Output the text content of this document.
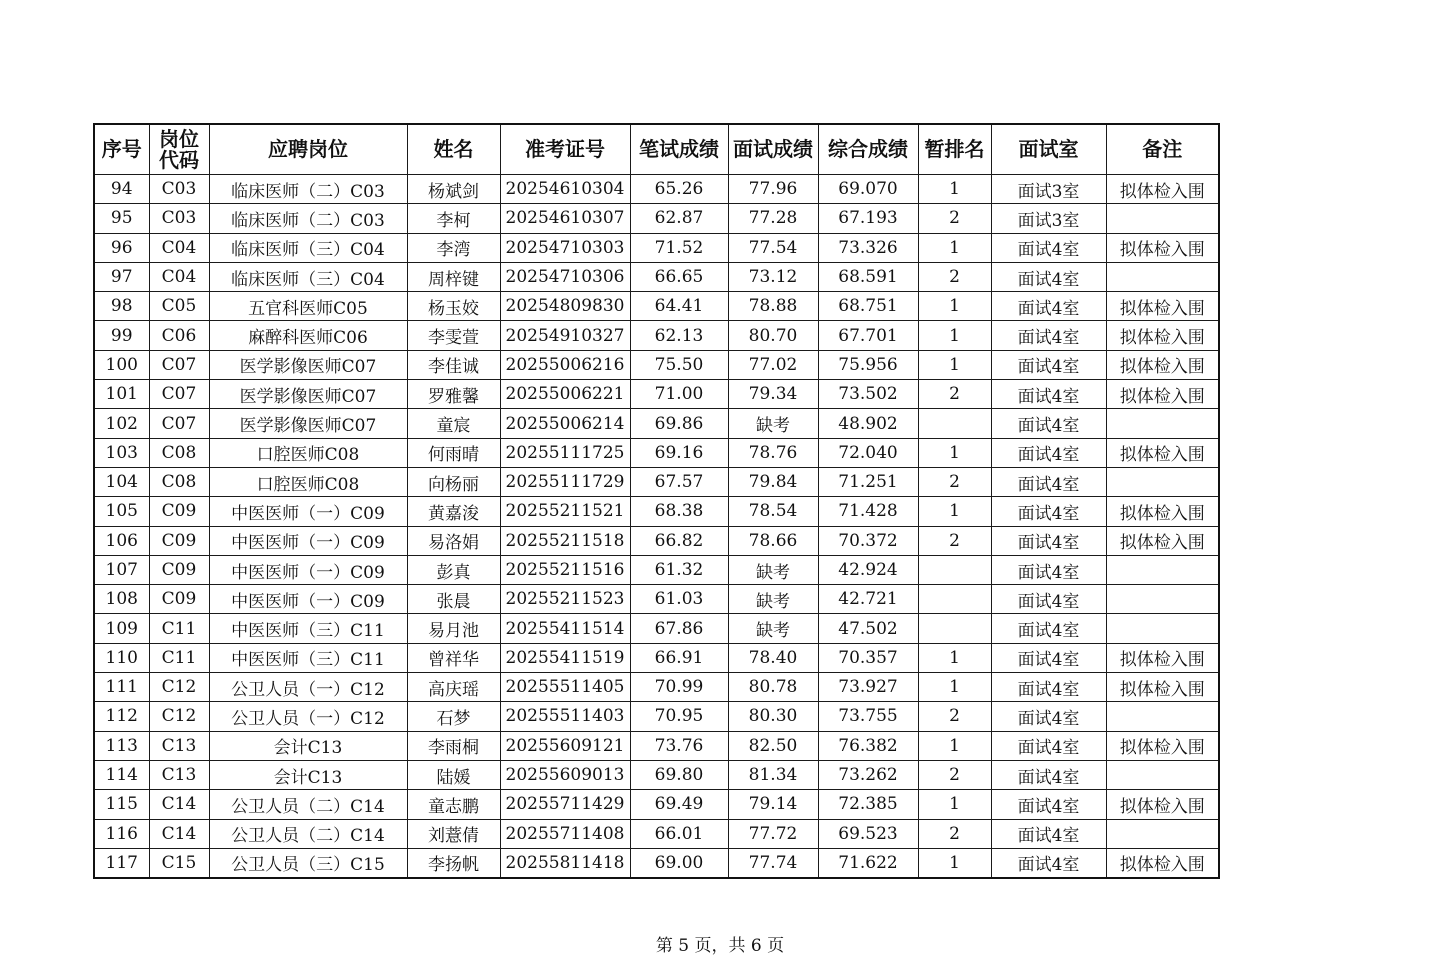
序号	岗位代码	应聘岗位	姓名	准考证号	笔试成绩	面试成绩	综合成绩	暂排名	面试室	备注
94	C03	临床医师（二）C03	杨斌剑	20254610304	65.26	77.96	69.070	1	面试3室	拟体检入围
95	C03	临床医师（二）C03	李柯	20254610307	62.87	77.28	67.193	2	面试3室	
96	C04	临床医师（三）C04	李湾	20254710303	71.52	77.54	73.326	1	面试4室	拟体检入围
97	C04	临床医师（三）C04	周梓键	20254710306	66.65	73.12	68.591	2	面试4室	
98	C05	五官科医师C05	杨玉姣	20254809830	64.41	78.88	68.751	1	面试4室	拟体检入围
99	C06	麻醉科医师C06	李雯萱	20254910327	62.13	80.70	67.701	1	面试4室	拟体检入围
100	C07	医学影像医师C07	李佳诚	20255006216	75.50	77.02	75.956	1	面试4室	拟体检入围
101	C07	医学影像医师C07	罗雅馨	20255006221	71.00	79.34	73.502	2	面试4室	拟体检入围
102	C07	医学影像医师C07	童宸	20255006214	69.86	缺考	48.902		面试4室	
103	C08	口腔医师C08	何雨晴	20255111725	69.16	78.76	72.040	1	面试4室	拟体检入围
104	C08	口腔医师C08	向杨丽	20255111729	67.57	79.84	71.251	2	面试4室	
105	C09	中医医师（一）C09	黄嘉浚	20255211521	68.38	78.54	71.428	1	面试4室	拟体检入围
106	C09	中医医师（一）C09	易洛娟	20255211518	66.82	78.66	70.372	2	面试4室	拟体检入围
107	C09	中医医师（一）C09	彭真	20255211516	61.32	缺考	42.924		面试4室	
108	C09	中医医师（一）C09	张晨	20255211523	61.03	缺考	42.721		面试4室	
109	C11	中医医师（三）C11	易月池	20255411514	67.86	缺考	47.502		面试4室	
110	C11	中医医师（三）C11	曾祥华	20255411519	66.91	78.40	70.357	1	面试4室	拟体检入围
111	C12	公卫人员（一）C12	高庆瑶	20255511405	70.99	80.78	73.927	1	面试4室	拟体检入围
112	C12	公卫人员（一）C12	石梦	20255511403	70.95	80.30	73.755	2	面试4室	
113	C13	会计C13	李雨桐	20255609121	73.76	82.50	76.382	1	面试4室	拟体检入围
114	C13	会计C13	陆媛	20255609013	69.80	81.34	73.262	2	面试4室	
115	C14	公卫人员（二）C14	童志鹏	20255711429	69.49	79.14	72.385	1	面试4室	拟体检入围
116	C14	公卫人员（二）C14	刘薏倩	20255711408	66.01	77.72	69.523	2	面试4室	
117	C15	公卫人员（三）C15	李扬帆	20255811418	69.00	77.74	71.622	1	面试4室	拟体检入围
第 5 页，共 6 页
